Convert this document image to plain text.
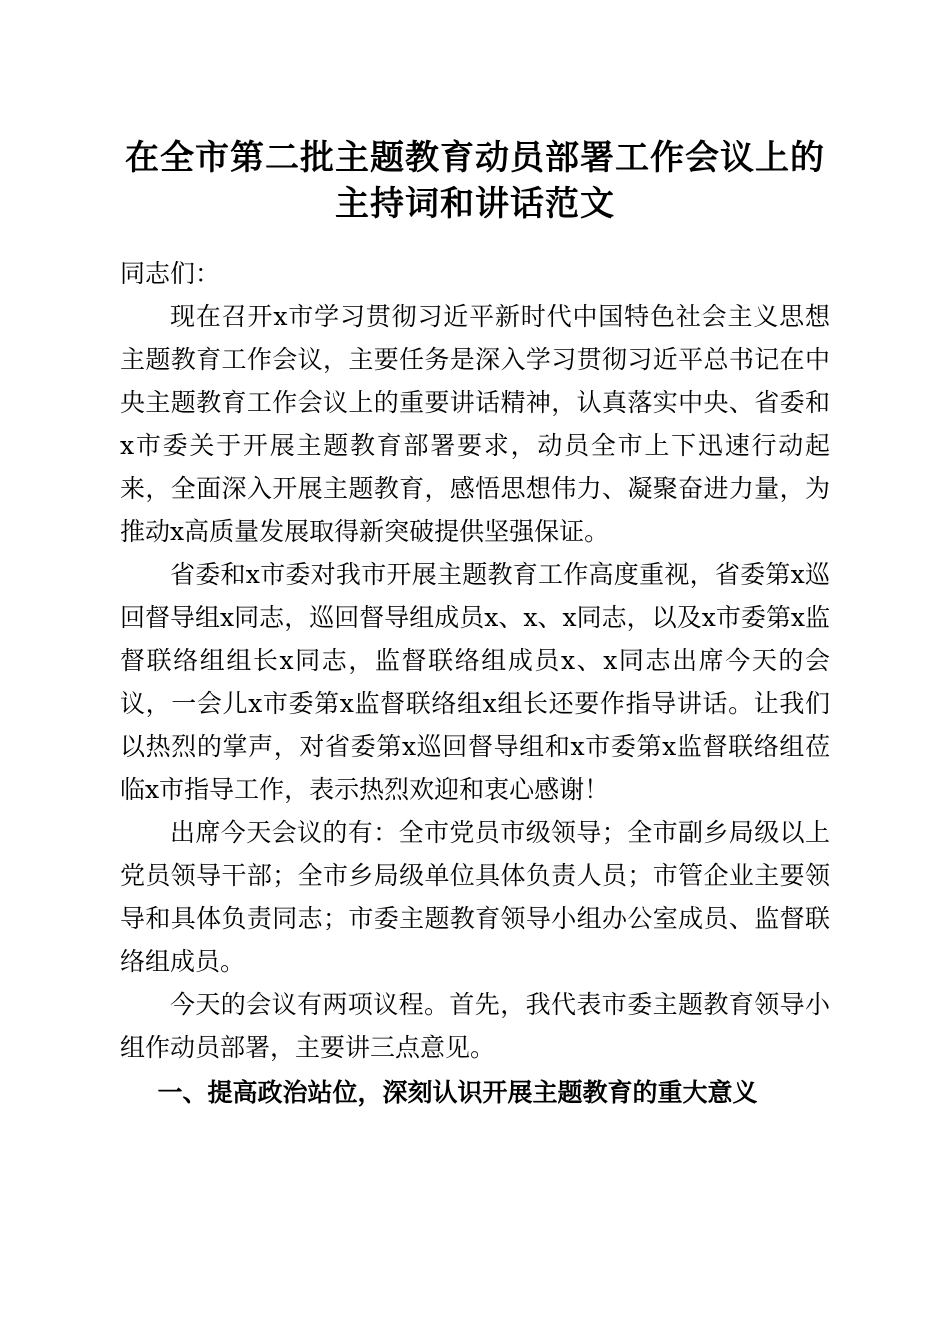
在全市第二批主题教育动员部署工作会议上的
主持词和讲话范文

同志们：

现在召开x市学习贯彻习近平新时代中国特色社会主义思想主题教育工作会议，主要任务是深入学习贯彻习近平总书记在中央主题教育工作会议上的重要讲话精神，认真落实中央、省委和x市委关于开展主题教育部署要求，动员全市上下迅速行动起来，全面深入开展主题教育，感悟思想伟力、凝聚奋进力量，为推动x高质量发展取得新突破提供坚强保证。

省委和x市委对我市开展主题教育工作高度重视，省委第x巡回督导组x同志，巡回督导组成员x、x、x同志，以及x市委第x监督联络组组长x同志，监督联络组成员x、x同志出席今天的会议，一会儿x市委第x监督联络组x组长还要作指导讲话。让我们以热烈的掌声，对省委第x巡回督导组和x市委第x监督联络组莅临x市指导工作，表示热烈欢迎和衷心感谢！

出席今天会议的有：全市党员市级领导；全市副乡局级以上党员领导干部；全市乡局级单位具体负责人员；市管企业主要领导和具体负责同志；市委主题教育领导小组办公室成员、监督联络组成员。

今天的会议有两项议程。首先，我代表市委主题教育领导小组作动员部署，主要讲三点意见。

一、提高政治站位，深刻认识开展主题教育的重大意义
